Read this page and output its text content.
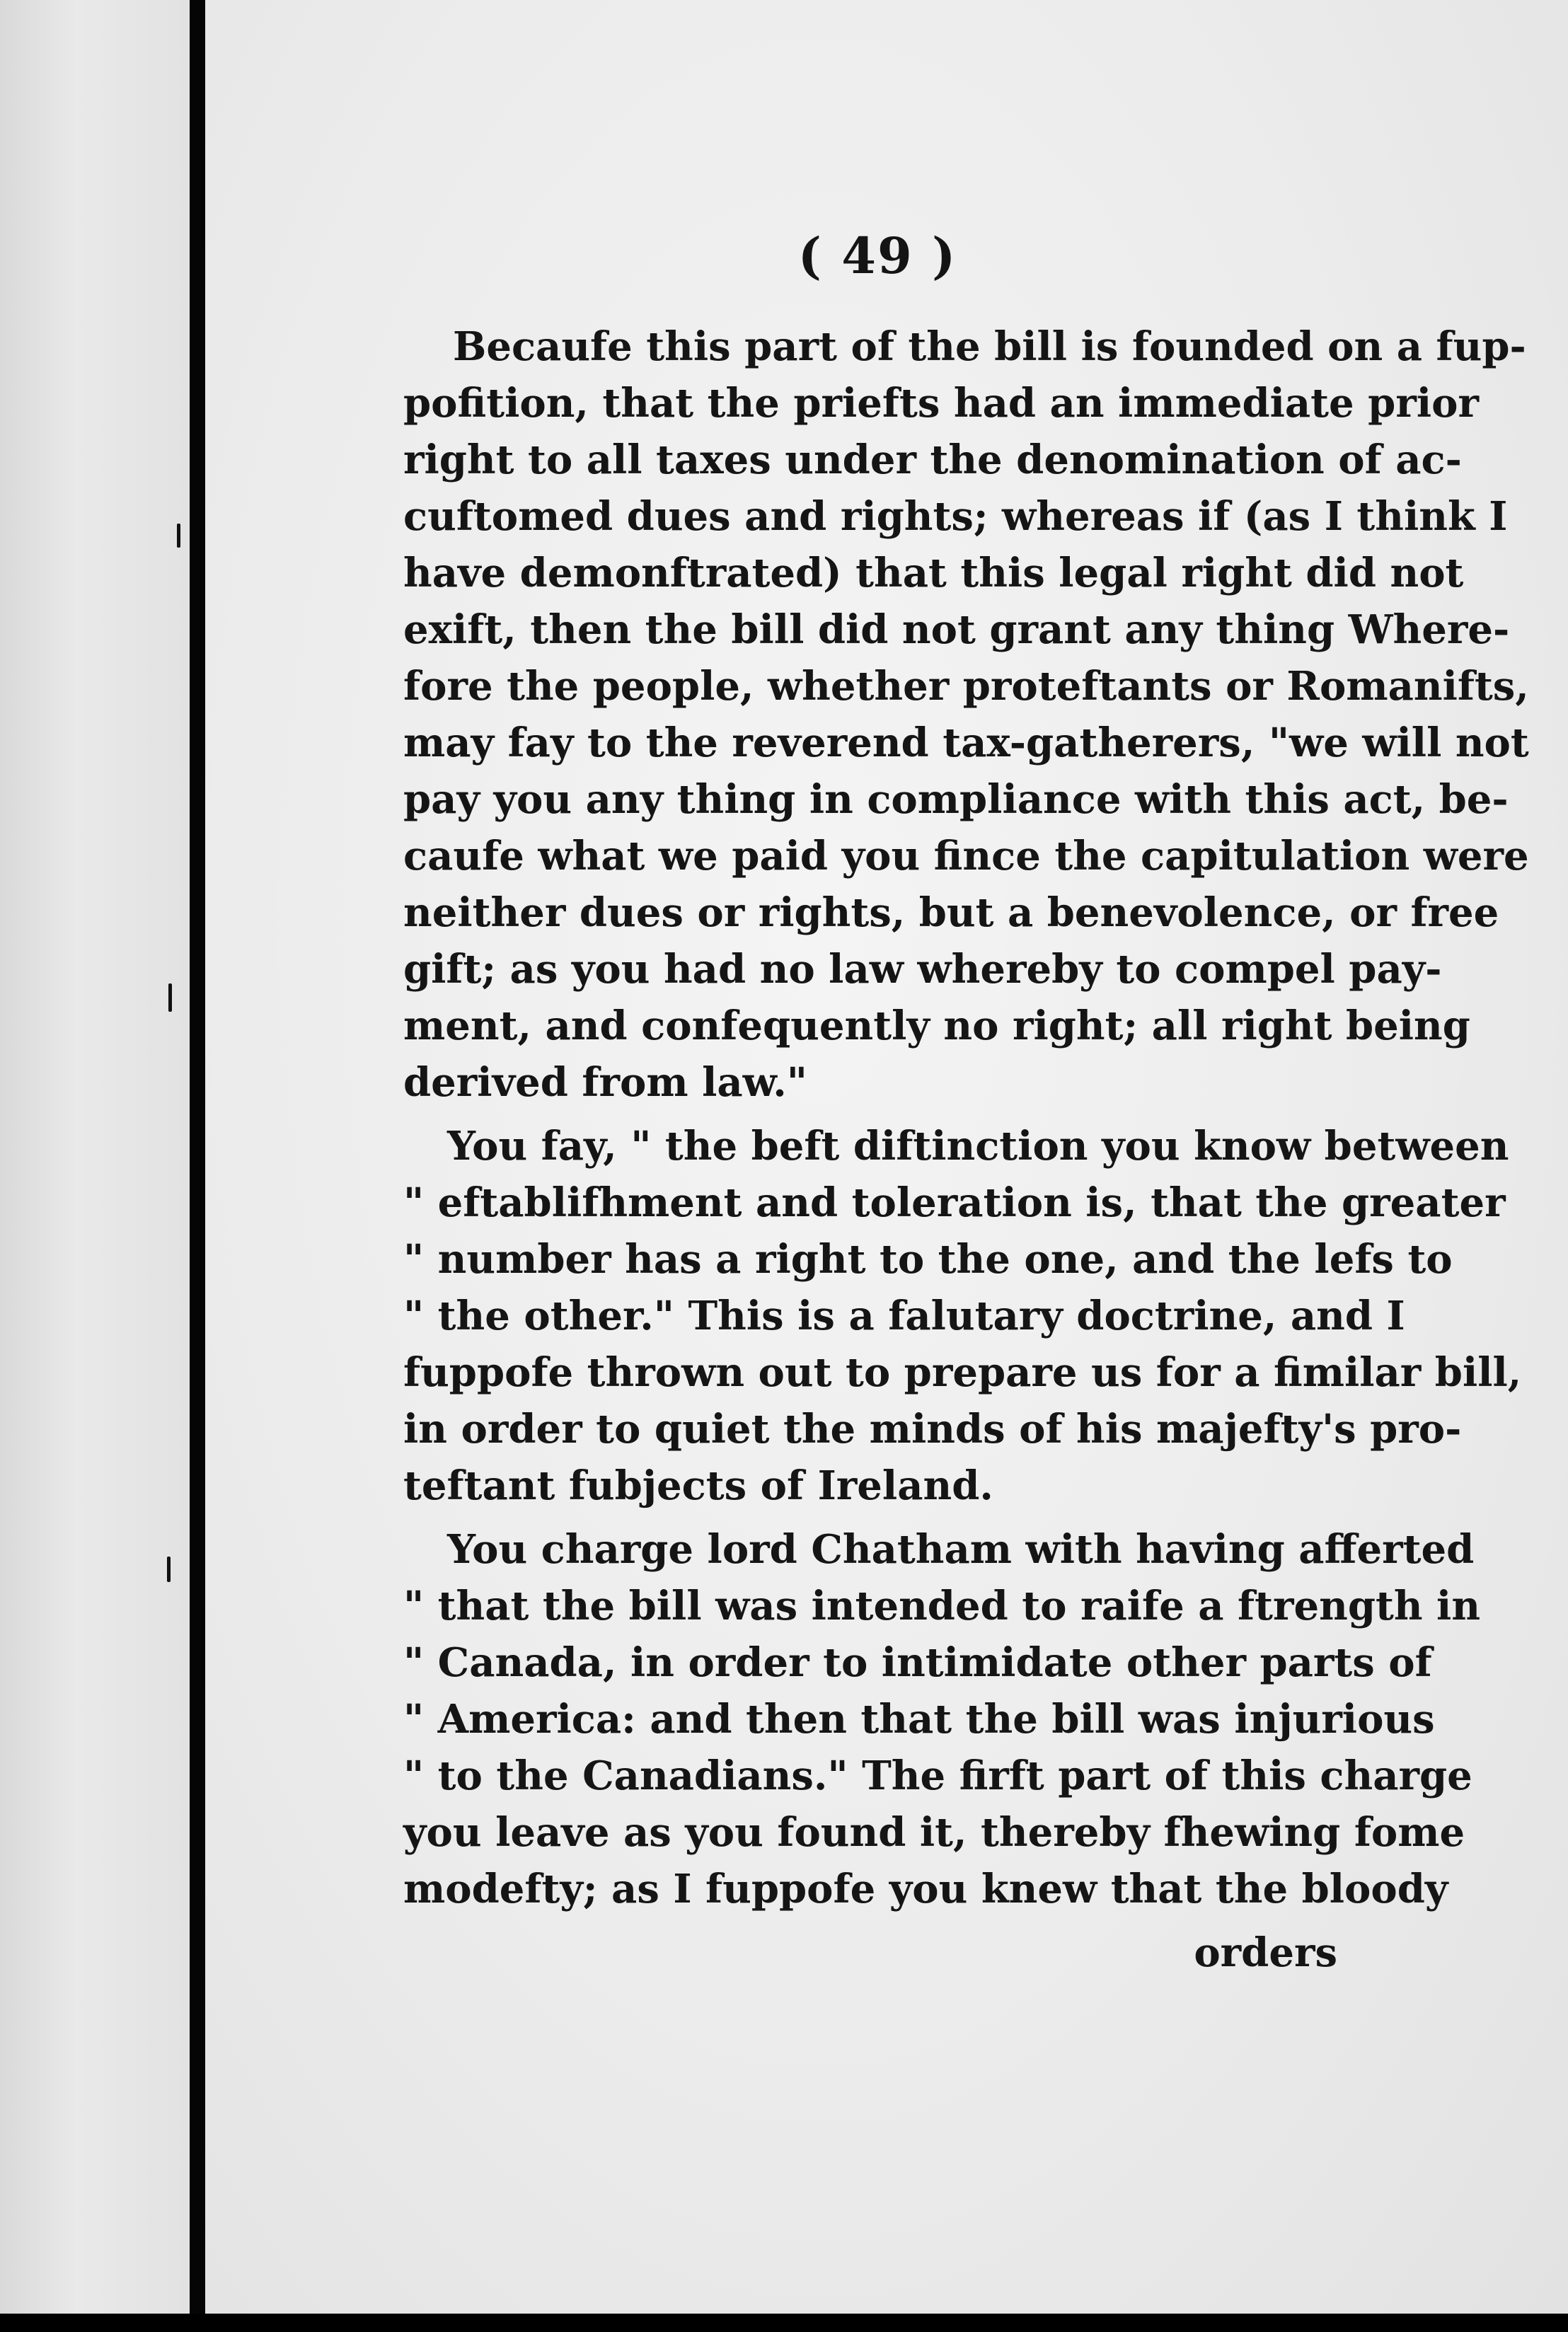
( 49 )
Becaufe this part of the bill is founded on a fup-
pofition, that the priefts had an immediate prior
right to all taxes under the denomination of ac-
cuftomed dues and rights; whereas if (as I think I
have demonftrated) that this legal right did not
exift, then the bill did not grant any thing Where-
fore the people, whether proteftants or Romanifts,
may fay to the reverend tax-gatherers, "we will not
pay you any thing in compliance with this act, be-
caufe what we paid you fince the capitulation were
neither dues or rights, but a benevolence, or free
gift; as you had no law whereby to compel pay-
ment, and confequently no right; all right being
derived from law."
You fay, " the beft diftinction you know between
" eftablifhment and toleration is, that the greater
" number has a right to the one, and the lefs to
" the other." This is a falutary doctrine, and I
fuppofe thrown out to prepare us for a fimilar bill,
in order to quiet the minds of his majefty's pro-
teftant fubjects of Ireland.
You charge lord Chatham with having afferted
" that the bill was intended to raife a ftrength in
" Canada, in order to intimidate other parts of
" America: and then that the bill was injurious
" to the Canadians." The firft part of this charge
you leave as you found it, thereby fhewing fome
modefty; as I fuppofe you knew that the bloody
orders
